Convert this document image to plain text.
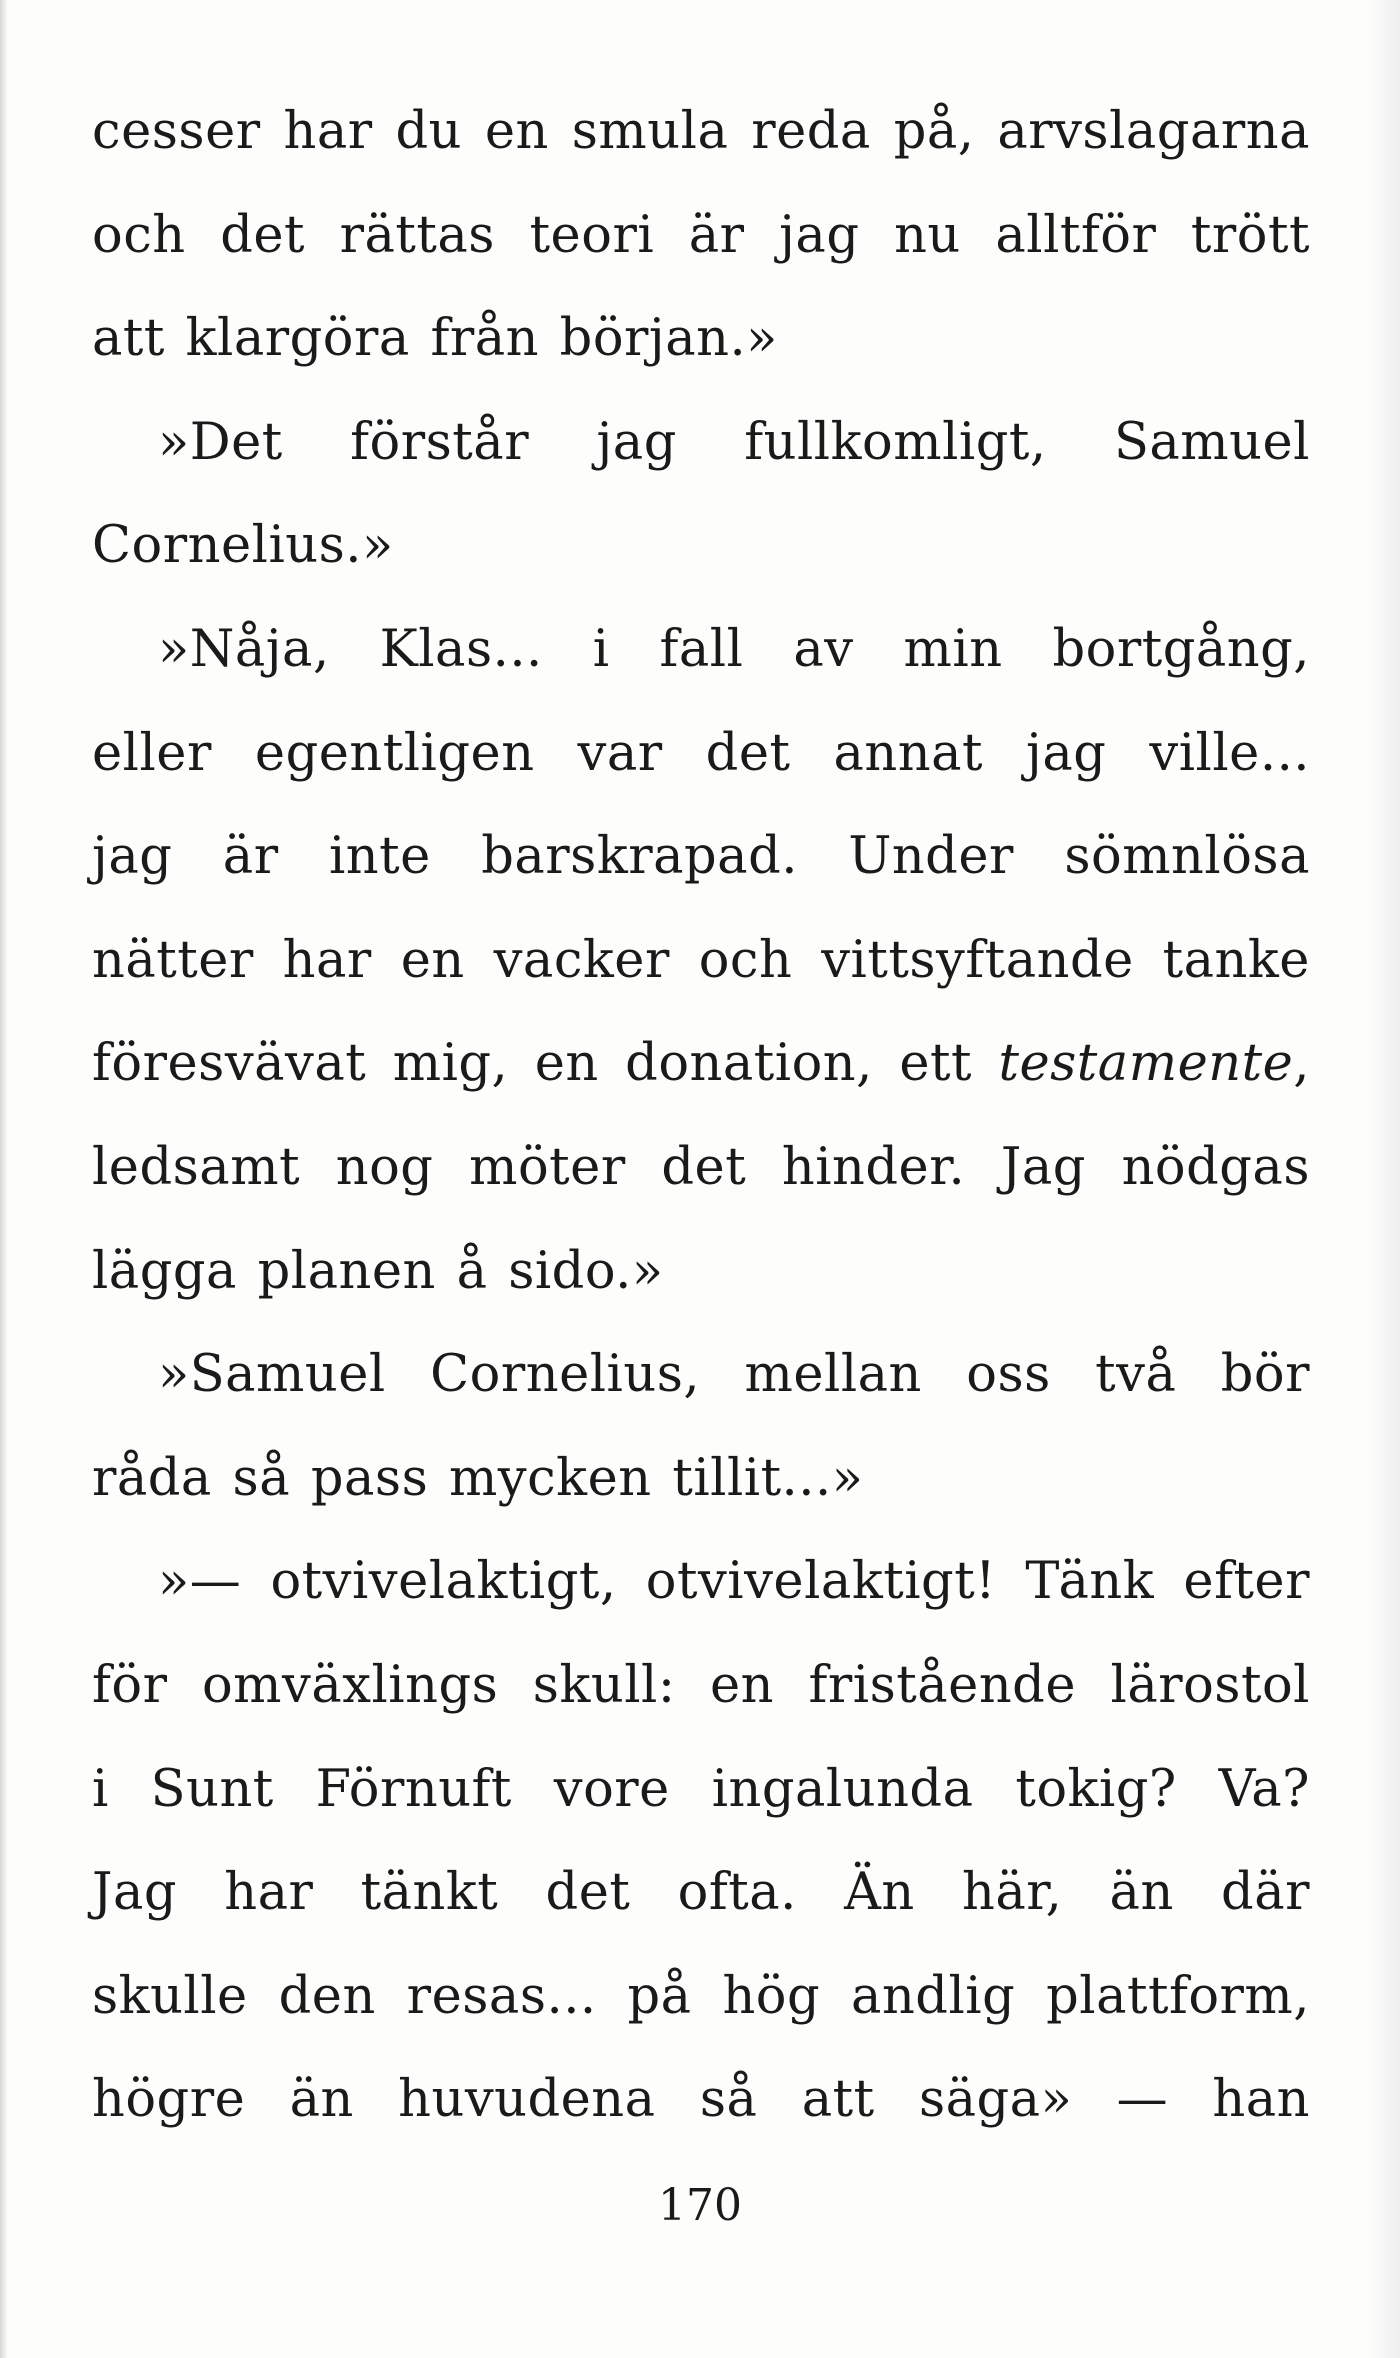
cesser har du en smula reda på, arvslagarna
och det rättas teori är jag nu alltför trött
att klargöra från början.»
»Det förstår jag fullkomligt, Samuel
Cornelius.»
»Nåja, Klas... i fall av min bortgång,
eller egentligen var det annat jag ville...
jag är inte barskrapad. Under sömnlösa
nätter har en vacker och vittsyftande tanke
föresvävat mig, en donation, ett testamente,
ledsamt nog möter det hinder. Jag nödgas
lägga planen å sido.»
»Samuel Cornelius, mellan oss två bör
råda så pass mycken tillit...»
»— otvivelaktigt, otvivelaktigt! Tänk efter
för omväxlings skull: en fristående lärostol
i Sunt Förnuft vore ingalunda tokig? Va?
Jag har tänkt det ofta. Än här, än där
skulle den resas... på hög andlig plattform,
högre än huvudena så att säga» — han
170
